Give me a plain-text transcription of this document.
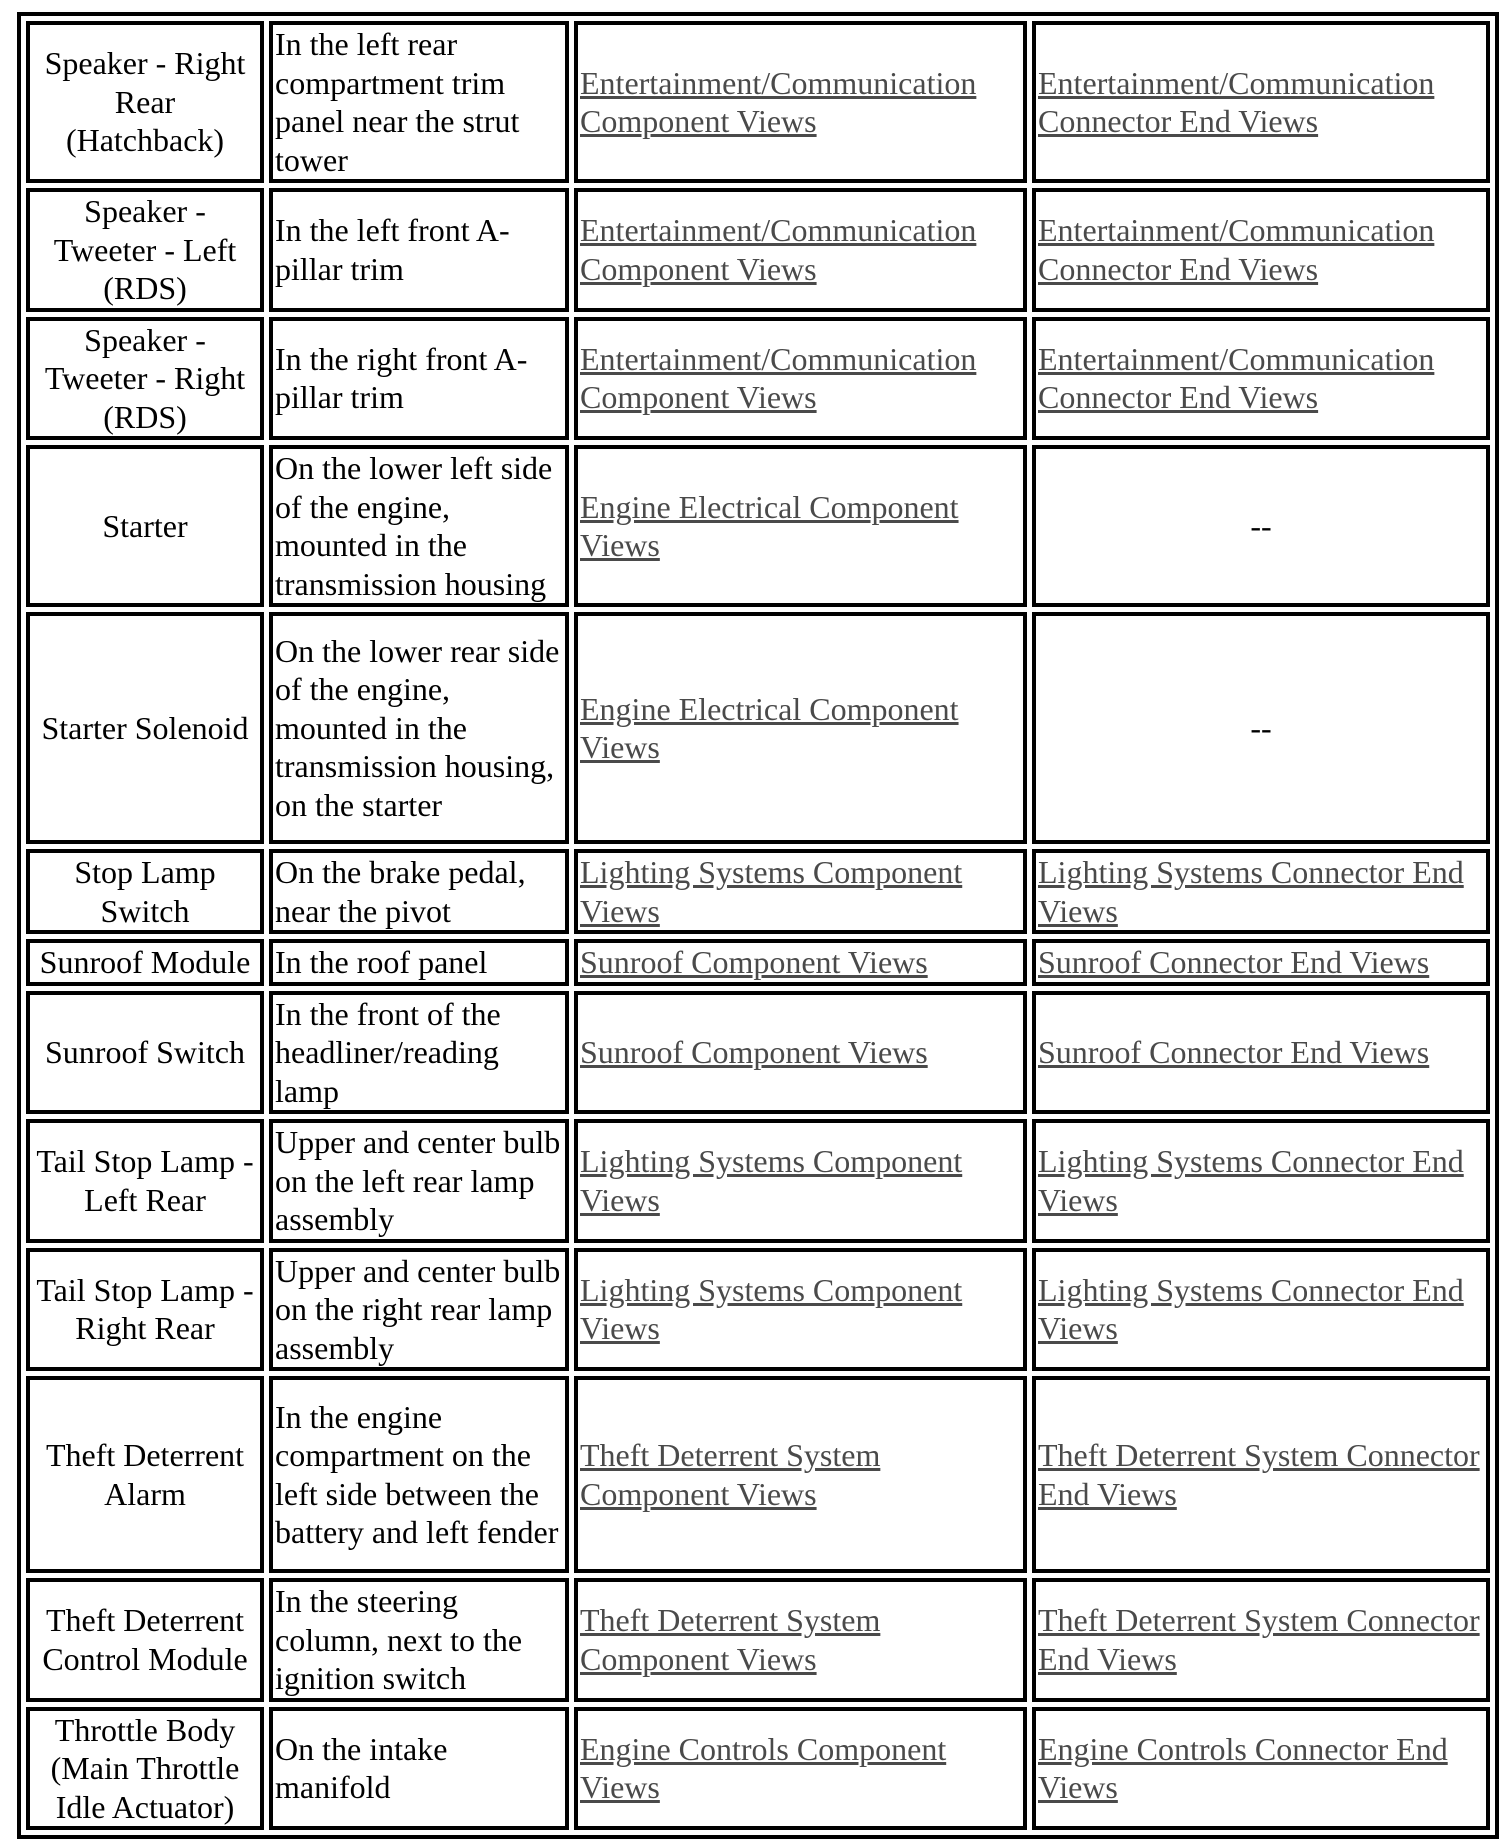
Speaker - Right Rear (Hatchback)	In the left rear compartment trim panel near the strut tower	Entertainment/Communication Component Views	Entertainment/Communication Connector End Views
Speaker - Tweeter - Left (RDS)	In the left front A-pillar trim	Entertainment/Communication Component Views	Entertainment/Communication Connector End Views
Speaker - Tweeter - Right (RDS)	In the right front A-pillar trim	Entertainment/Communication Component Views	Entertainment/Communication Connector End Views
Starter	On the lower left side of the engine, mounted in the transmission housing	Engine Electrical Component Views	--
Starter Solenoid	On the lower rear side of the engine, mounted in the transmission housing, on the starter	Engine Electrical Component Views	--
Stop Lamp Switch	On the brake pedal, near the pivot	Lighting Systems Component Views	Lighting Systems Connector End Views
Sunroof Module	In the roof panel	Sunroof Component Views	Sunroof Connector End Views
Sunroof Switch	In the front of the headliner/reading lamp	Sunroof Component Views	Sunroof Connector End Views
Tail Stop Lamp - Left Rear	Upper and center bulb on the left rear lamp assembly	Lighting Systems Component Views	Lighting Systems Connector End Views
Tail Stop Lamp - Right Rear	Upper and center bulb on the right rear lamp assembly	Lighting Systems Component Views	Lighting Systems Connector End Views
Theft Deterrent Alarm	In the engine compartment on the left side between the battery and left fender	Theft Deterrent System Component Views	Theft Deterrent System Connector End Views
Theft Deterrent Control Module	In the steering column, next to the ignition switch	Theft Deterrent System Component Views	Theft Deterrent System Connector End Views
Throttle Body (Main Throttle Idle Actuator)	On the intake manifold	Engine Controls Component Views	Engine Controls Connector End Views
